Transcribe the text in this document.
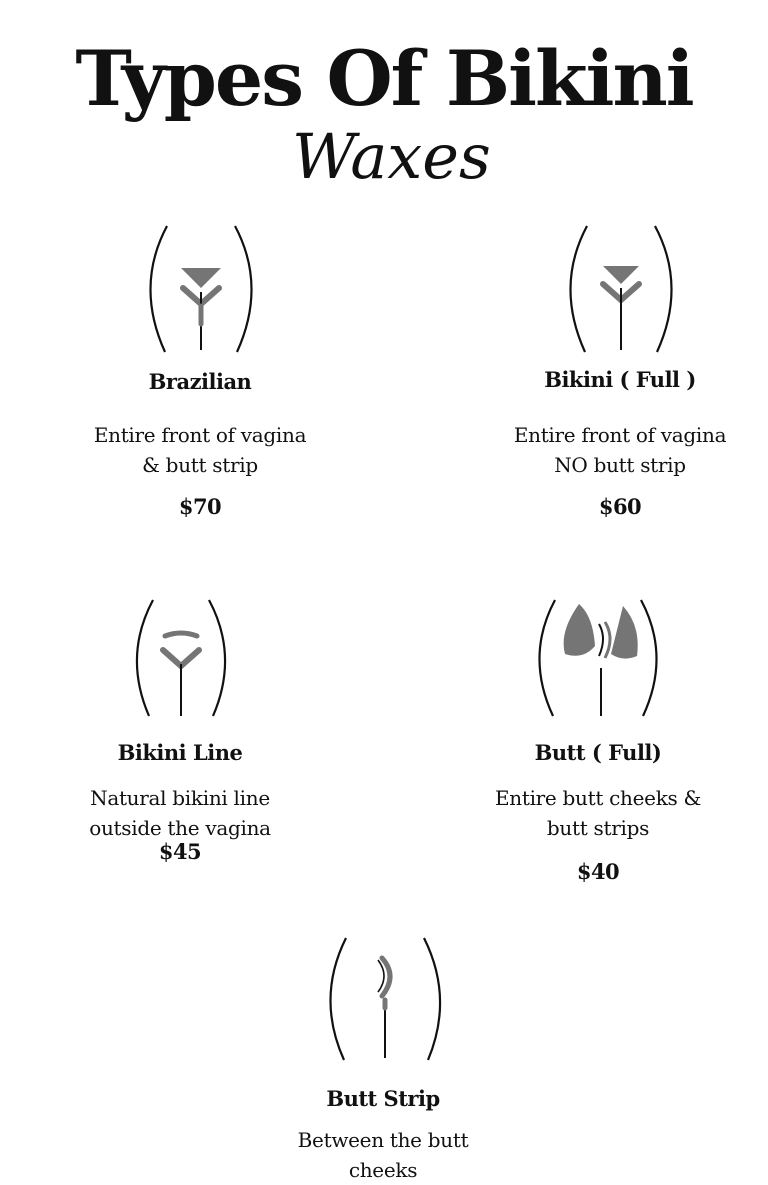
Types Of Bikini
Waxes
Brazilian
Entire front of vagina
& butt strip
$70
Bikini ( Full )
Entire front of vagina
NO butt strip
$60
Bikini Line
Natural bikini line
outside the vagina
$45
Butt ( Full)
Entire butt cheeks &
butt strips
$40
Butt Strip
Between the butt
cheeks
